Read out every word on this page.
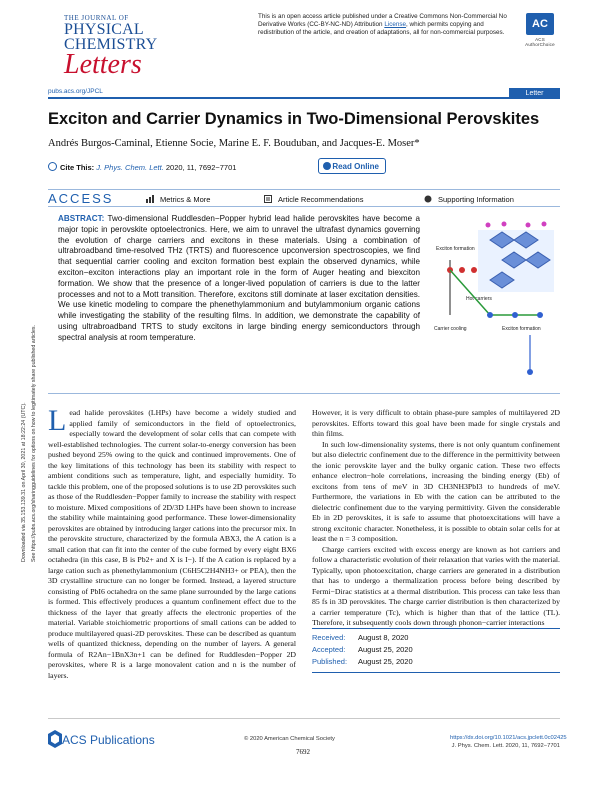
THE JOURNAL OF
PHYSICAL CHEMISTRY
Letters
This is an open access article published under a Creative Commons Non-Commercial No Derivative Works (CC-BY-NC-ND) Attribution License, which permits copying and redistribution of the article, and creation of adaptations, all for non-commercial purposes.
AC
ACS AuthorChoice
pubs.acs.org/JPCL	Letter
Exciton and Carrier Dynamics in Two-Dimensional Perovskites
Andrés Burgos-Caminal, Etienne Socie, Marine E. F. Bouduban, and Jacques-E. Moser*
Cite This: J. Phys. Chem. Lett. 2020, 11, 7692−7701	Read Online
ACCESS	Metrics & More	Article Recommendations	Supporting Information
ABSTRACT: Two-dimensional Ruddlesden−Popper hybrid lead halide perovskites have become a major topic in perovskite optoelectronics. Here, we aim to unravel the ultrafast dynamics governing the evolution of charge carriers and excitons in these materials. Using a combination of ultrabroadband time-resolved THz (TRTS) and fluorescence upconversion spectroscopies, we find that sequential carrier cooling and exciton formation best explain the observed dynamics, while exciton−exciton interactions play an important role in the form of Auger heating and biexciton formation. We show that the presence of a longer-lived population of carriers is due to the latter processes and not to a Mott transition. Therefore, excitons still dominate at laser excitation densities. We use kinetic modeling to compare the phenethylammonium and butylammonium organic cations while investigating the stability of the resulting films. In addition, we demonstrate the capability of using ultrabroadband TRTS to study excitons in large binding energy semiconductors through spectral analysis at room temperature.
Exciton formation
Hot carriers
Carrier cooling	Exciton formation
Downloaded via 35.153.139.31 on April 30, 2021 at 18:22:24 (UTC). See https://pubs.acs.org/sharingguidelines for options on how to legitimately share published articles. Lead halide perovskites (LHPs) have become a widely studied and applied family of semiconductors in the field of optoelectronics, especially toward the development of solar cells that can compete with well-established technologies. The current solar-to-energy conversion has been pushed beyond 25% owing to the quick and continued improvements. One of the key limitations of this technology has been its stability with respect to ambient conditions such as temperature, light, and especially humidity. To tackle this problem, one of the proposed solutions is to use 2D perovskites such as those of the Ruddlesden−Popper family to increase the stability with respect to moisture. Mixed compositions of 2D/3D LHPs have been shown to increase the stability while maintaining good performance. These lower-dimensionality perovskites are obtained by introducing larger cations into the precursor mix. In the perovskite structure, characterized by the formula ABX3, the A cation is a small cation that can fit into the center of the cube formed by every eight BX6 octahedra (in this case, B is Pb2+ and X is I−). If the A cation is replaced by a large cation such as phenethylammonium (C6H5C2H4NH3+ or PEA), then the 3D crystalline structure can no longer be formed. Instead, a layered structure consisting of PbI6 octahedra on the same plane surrounded by the large cations is formed. This effectively produces a quantum confinement effect due to the thickness of the layer that greatly affects the electronic properties of the material. Variable stoichiometric proportions of small cations can be added to produce multilayered quasi-2D perovskites. These can be described as quantum wells of quantized thickness, depending on the number of layers. A general formula of R2An−1BnX3n+1 can be defined for Ruddlesden−Popper 2D perovskites, where R is a large monovalent cation and n is the number of layers.

However, it is very difficult to obtain phase-pure samples of multilayered 2D perovskites. Efforts toward this goal have been made for single crystals and thin films.

In such low-dimensionality systems, there is not only quantum confinement but also dielectric confinement due to the difference in the permittivity between the ionic perovskite layer and the bulky organic cation. These two effects enhance electron−hole correlations, increasing the binding energy (Eb) of excitons from tens of meV in 3D CH3NH3PbI3 to hundreds of meV. Furthermore, the variations in Eb with the cation can be attributed to the dielectric confinement due to the varying permittivity. Given the considerable Eb in 2D perovskites, it is safe to assume that photoexcitations will have a strong excitonic character. Nonetheless, it is possible to obtain solar cells for at least the n = 3 composition.

Charge carriers excited with excess energy are known as hot carriers and follow a characteristic evolution of their relaxation that varies with the material. Typically, upon photoexcitation, charge carriers are generated in a distribution that has to undergo a thermalization process before being described by Fermi−Dirac statistics at a thermal distribution. This process can take less than 85 fs in 3D perovskites. The charge carrier distribution is then characterized by a carrier temperature (Tc), which is higher than that of the lattice (TL). Therefore, it subsequently cools down through phonon−carrier interactions

Received: August 8, 2020
Accepted: August 25, 2020
Published: August 25, 2020
ACS Publications	© 2020 American Chemical Society
7692
https://dx.doi.org/10.1021/acs.jpclett.0c02425
J. Phys. Chem. Lett. 2020, 11, 7692−7701
